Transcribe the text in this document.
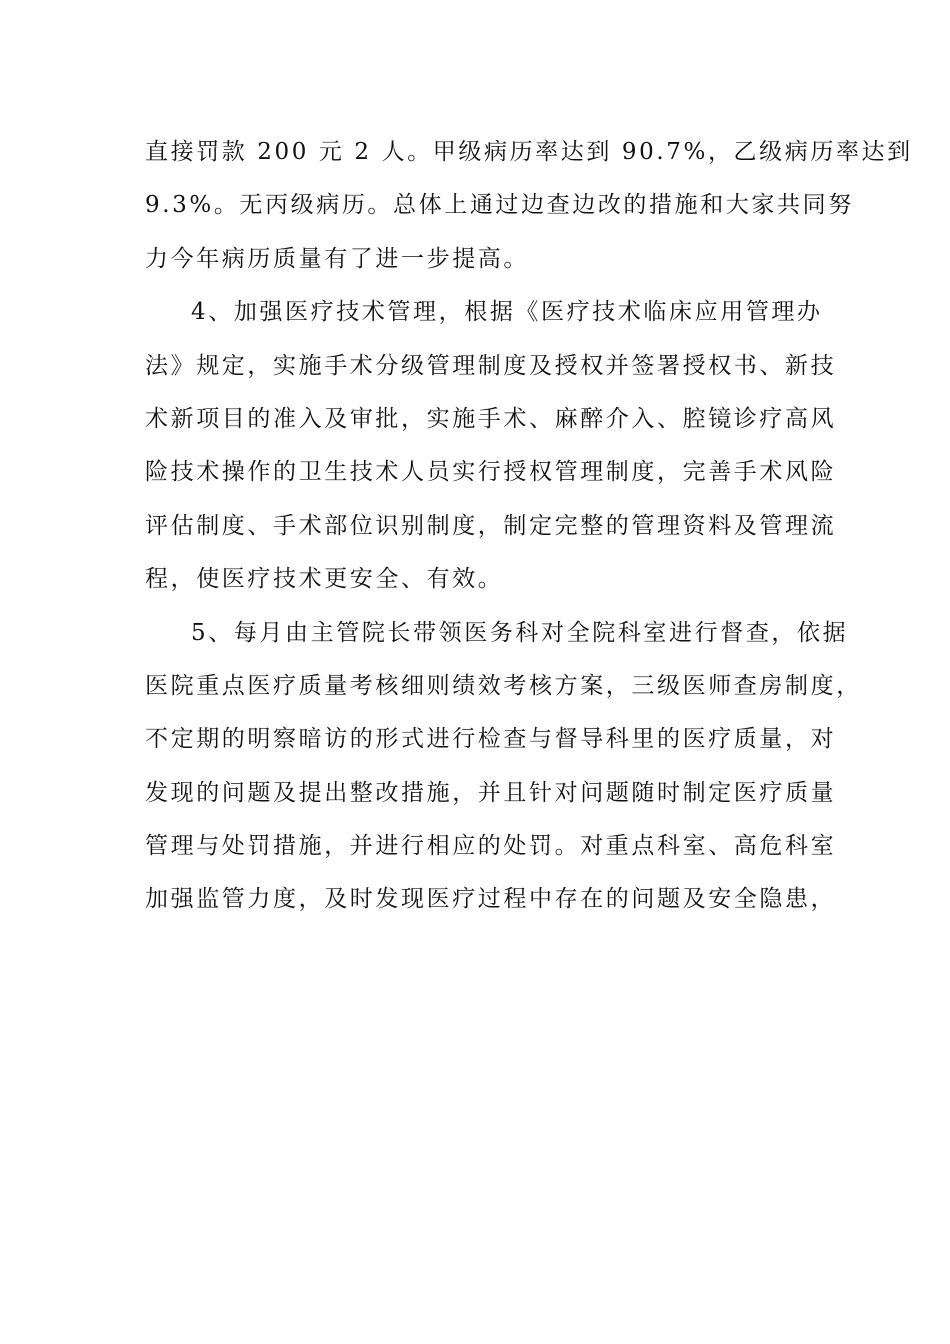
直接罚款 200 元 2 人。甲级病历率达到 90.7%，乙级病历率达到
9.3%。无丙级病历。总体上通过边查边改的措施和大家共同努
力今年病历质量有了进一步提高。
4、加强医疗技术管理，根据《医疗技术临床应用管理办
法》规定，实施手术分级管理制度及授权并签署授权书、新技
术新项目的准入及审批，实施手术、麻醉介入、腔镜诊疗高风
险技术操作的卫生技术人员实行授权管理制度，完善手术风险
评估制度、手术部位识别制度，制定完整的管理资料及管理流
程，使医疗技术更安全、有效。
5、每月由主管院长带领医务科对全院科室进行督查，依据
医院重点医疗质量考核细则绩效考核方案，三级医师查房制度，
不定期的明察暗访的形式进行检查与督导科里的医疗质量，对
发现的问题及提出整改措施，并且针对问题随时制定医疗质量
管理与处罚措施，并进行相应的处罚。对重点科室、高危科室
加强监管力度，及时发现医疗过程中存在的问题及安全隐患，
